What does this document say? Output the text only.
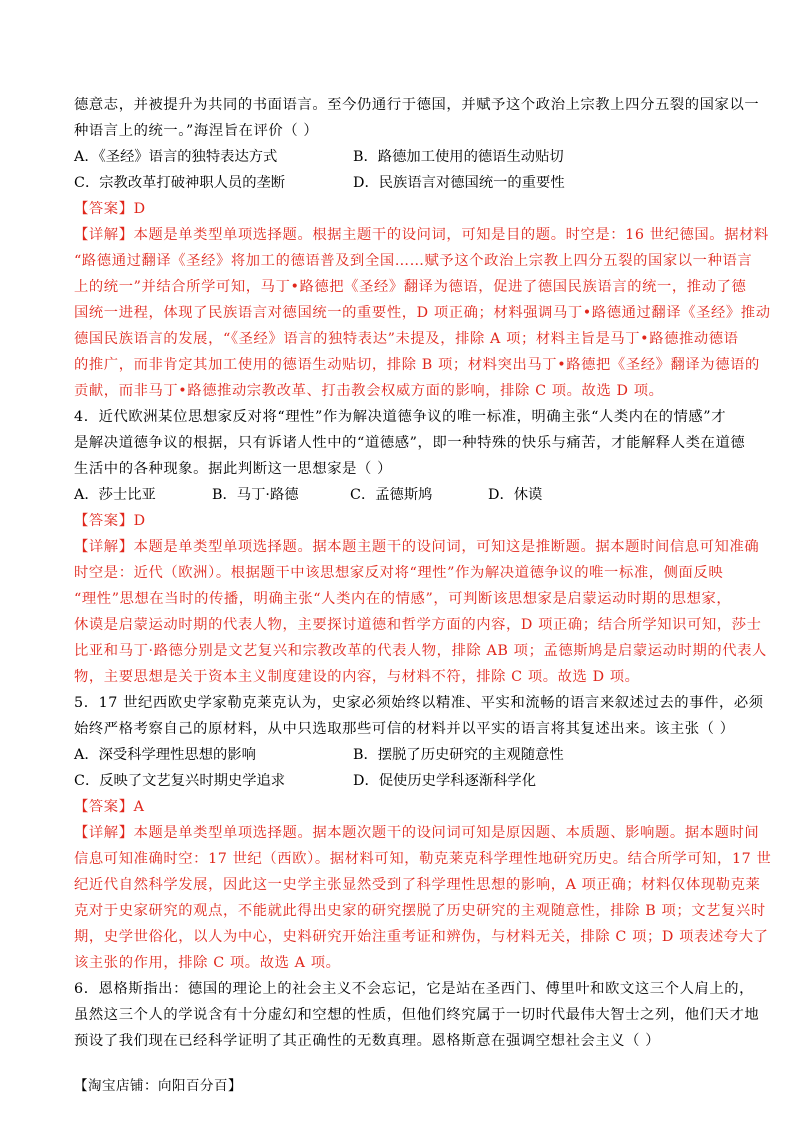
德意志，并被提升为共同的书面语言。至今仍通行于德国，并赋予这个政治上宗教上四分五裂的国家以一
种语言上的统一。”海涅旨在评价（ ）
A．《圣经》语言的独特表达方式	B．路德加工使用的德语生动贴切
C．宗教改革打破神职人员的垄断	D．民族语言对德国统一的重要性
【答案】D
【详解】本题是单类型单项选择题。根据主题干的设问词，可知是目的题。时空是：16 世纪德国。据材料
“路德通过翻译《圣经》将加工的德语普及到全国……赋予这个政治上宗教上四分五裂的国家以一种语言
上的统一”并结合所学可知，马丁•路德把《圣经》翻译为德语，促进了德国民族语言的统一，推动了德
国统一进程，体现了民族语言对德国统一的重要性，D 项正确；材料强调马丁•路德通过翻译《圣经》推动
德国民族语言的发展，“《圣经》语言的独特表达”未提及，排除 A 项；材料主旨是马丁•路德推动德语
的推广，而非肯定其加工使用的德语生动贴切，排除 B 项；材料突出马丁•路德把《圣经》翻译为德语的
贡献，而非马丁•路德推动宗教改革、打击教会权威方面的影响，排除 C 项。故选 D 项。
4．近代欧洲某位思想家反对将“理性”作为解决道德争议的唯一标准，明确主张“人类内在的情感”才
是解决道德争议的根据，只有诉诸人性中的“道德感”，即一种特殊的快乐与痛苦，才能解释人类在道德
生活中的各种现象。据此判断这一思想家是（ ）
A．莎士比亚	B．马丁·路德	C．孟德斯鸠	D．休谟
【答案】D
【详解】本题是单类型单项选择题。据本题主题干的设问词，可知这是推断题。据本题时间信息可知准确
时空是：近代（欧洲）。根据题干中该思想家反对将“理性”作为解决道德争议的唯一标准，侧面反映
“理性”思想在当时的传播，明确主张“人类内在的情感”，可判断该思想家是启蒙运动时期的思想家，
休谟是启蒙运动时期的代表人物，主要探讨道德和哲学方面的内容，D 项正确；结合所学知识可知，莎士
比亚和马丁·路德分别是文艺复兴和宗教改革的代表人物，排除 AB 项；孟德斯鸠是启蒙运动时期的代表人
物，主要思想是关于资本主义制度建设的内容，与材料不符，排除 C 项。故选 D 项。
5．17 世纪西欧史学家勒克莱克认为，史家必须始终以精准、平实和流畅的语言来叙述过去的事件，必须
始终严格考察自己的原材料，从中只选取那些可信的材料并以平实的语言将其复述出来。该主张（ ）
A．深受科学理性思想的影响	B．摆脱了历史研究的主观随意性
C．反映了文艺复兴时期史学追求	D．促使历史学科逐渐科学化
【答案】A
【详解】本题是单类型单项选择题。据本题次题干的设问词可知是原因题、本质题、影响题。据本题时间
信息可知准确时空：17 世纪（西欧）。据材料可知，勒克莱克科学理性地研究历史。结合所学可知，17 世
纪近代自然科学发展，因此这一史学主张显然受到了科学理性思想的影响，A 项正确；材料仅体现勒克莱
克对于史家研究的观点，不能就此得出史家的研究摆脱了历史研究的主观随意性，排除 B 项；文艺复兴时
期，史学世俗化，以人为中心，史料研究开始注重考证和辨伪，与材料无关，排除 C 项；D 项表述夸大了
该主张的作用，排除 C 项。故选 A 项。
6．恩格斯指出：德国的理论上的社会主义不会忘记，它是站在圣西门、傅里叶和欧文这三个人肩上的，
虽然这三个人的学说含有十分虚幻和空想的性质，但他们终究属于一切时代最伟大智士之列，他们天才地
预设了我们现在已经科学证明了其正确性的无数真理。恩格斯意在强调空想社会主义（ ）
【淘宝店铺：向阳百分百】
